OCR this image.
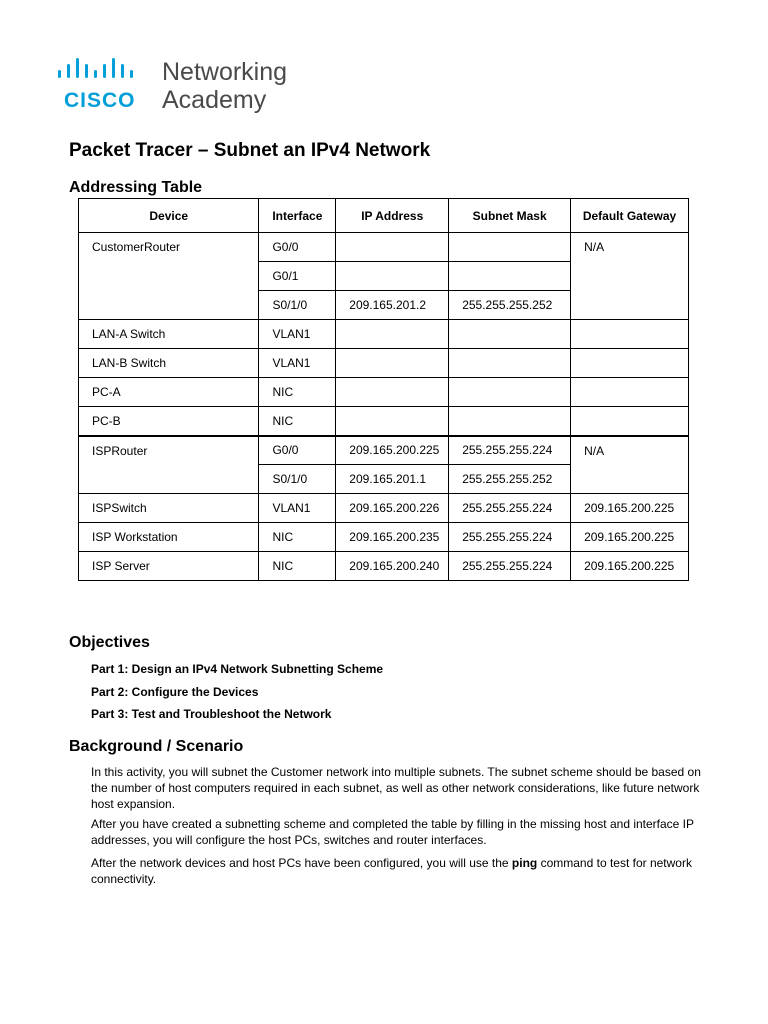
CISCO
Networking
Academy
Packet Tracer – Subnet an IPv4 Network
Addressing Table
Device	Interface	IP Address	Subnet Mask	Default Gateway
CustomerRouter	G0/0			N/A
	G0/1			
	S0/1/0	209.165.201.2	255.255.255.252	
LAN-A Switch	VLAN1			
LAN-B Switch	VLAN1			
PC-A	NIC			
PC-B	NIC			
ISPRouter	G0/0	209.165.200.225	255.255.255.224	N/A
	S0/1/0	209.165.201.1	255.255.255.252	
ISPSwitch	VLAN1	209.165.200.226	255.255.255.224	209.165.200.225
ISP Workstation	NIC	209.165.200.235	255.255.255.224	209.165.200.225
ISP Server	NIC	209.165.200.240	255.255.255.224	209.165.200.225
Objectives
Part 1: Design an IPv4 Network Subnetting Scheme
Part 2: Configure the Devices
Part 3: Test and Troubleshoot the Network
Background / Scenario

In this activity, you will subnet the Customer network into multiple subnets. The subnet scheme should be based on the number of host computers required in each subnet, as well as other network considerations, like future network host expansion.

After you have created a subnetting scheme and completed the table by filling in the missing host and interface IP addresses, you will configure the host PCs, switches and router interfaces.

After the network devices and host PCs have been configured, you will use the ping command to test for network connectivity.
